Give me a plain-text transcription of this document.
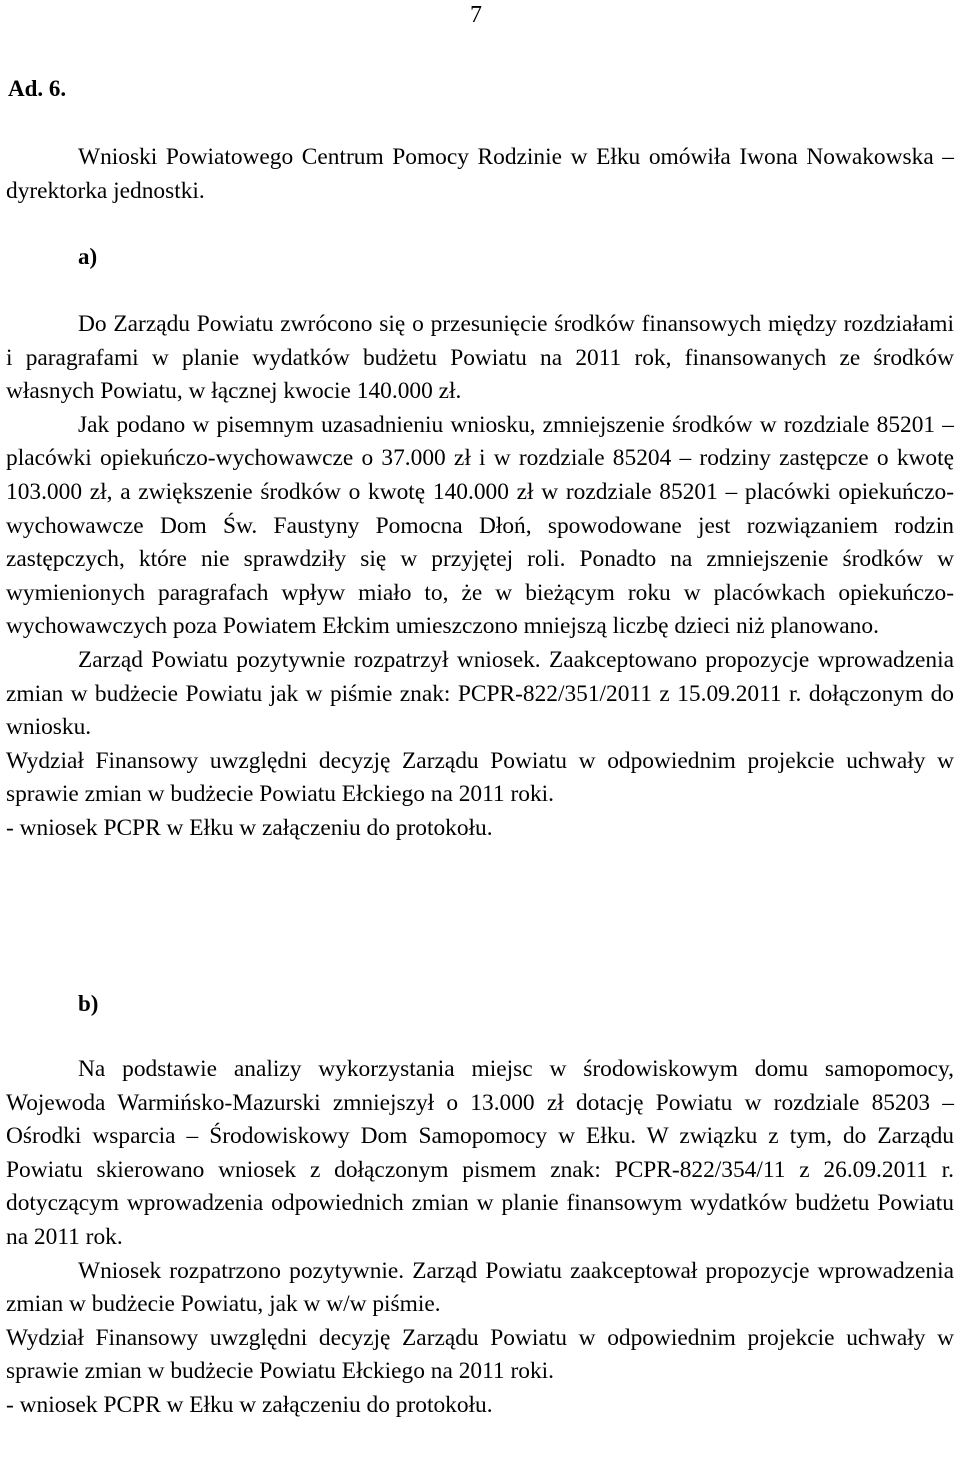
7
Ad. 6.

Wnioski Powiatowego Centrum Pomocy Rodzinie w Ełku omówiła Iwona Nowakowska – dyrektorka jednostki.

a)

Do Zarządu Powiatu zwrócono się o przesunięcie środków finansowych między rozdziałami i paragrafami w planie wydatków budżetu Powiatu na 2011 rok, finansowanych ze środków własnych Powiatu, w łącznej kwocie 140.000 zł.

Jak podano w pisemnym uzasadnieniu wniosku, zmniejszenie środków w rozdziale 85201 – placówki opiekuńczo-wychowawcze o 37.000 zł i w rozdziale 85204 – rodziny zastępcze o kwotę 103.000 zł, a zwiększenie środków o kwotę 140.000 zł w rozdziale 85201 – placówki opiekuńczo-wychowawcze Dom Św. Faustyny Pomocna Dłoń, spowodowane jest rozwiązaniem rodzin zastępczych, które nie sprawdziły się w przyjętej roli. Ponadto na zmniejszenie środków w wymienionych paragrafach wpływ miało to, że w bieżącym roku w placówkach opiekuńczo-wychowawczych poza Powiatem Ełckim umieszczono mniejszą liczbę dzieci niż planowano.

Zarząd Powiatu pozytywnie rozpatrzył wniosek. Zaakceptowano propozycje wprowadzenia zmian w budżecie Powiatu jak w piśmie znak: PCPR-822/351/2011 z 15.09.2011 r. dołączonym do wniosku.

Wydział Finansowy uwzględni decyzję Zarządu Powiatu w odpowiednim projekcie uchwały w sprawie zmian w budżecie Powiatu Ełckiego na 2011 roki.

- wniosek PCPR w Ełku w załączeniu do protokołu.

b)

Na podstawie analizy wykorzystania miejsc w środowiskowym domu samopomocy, Wojewoda Warmińsko-Mazurski zmniejszył o 13.000 zł dotację Powiatu w rozdziale 85203 – Ośrodki wsparcia – Środowiskowy Dom Samopomocy w Ełku. W związku z tym, do Zarządu Powiatu skierowano wniosek z dołączonym pismem znak: PCPR-822/354/11 z 26.09.2011 r. dotyczącym wprowadzenia odpowiednich zmian w planie finansowym wydatków budżetu Powiatu na 2011 rok.

Wniosek rozpatrzono pozytywnie. Zarząd Powiatu zaakceptował propozycje wprowadzenia zmian w budżecie Powiatu, jak w w/w piśmie.

Wydział Finansowy uwzględni decyzję Zarządu Powiatu w odpowiednim projekcie uchwały w sprawie zmian w budżecie Powiatu Ełckiego na 2011 roki.

- wniosek PCPR w Ełku w załączeniu do protokołu.
